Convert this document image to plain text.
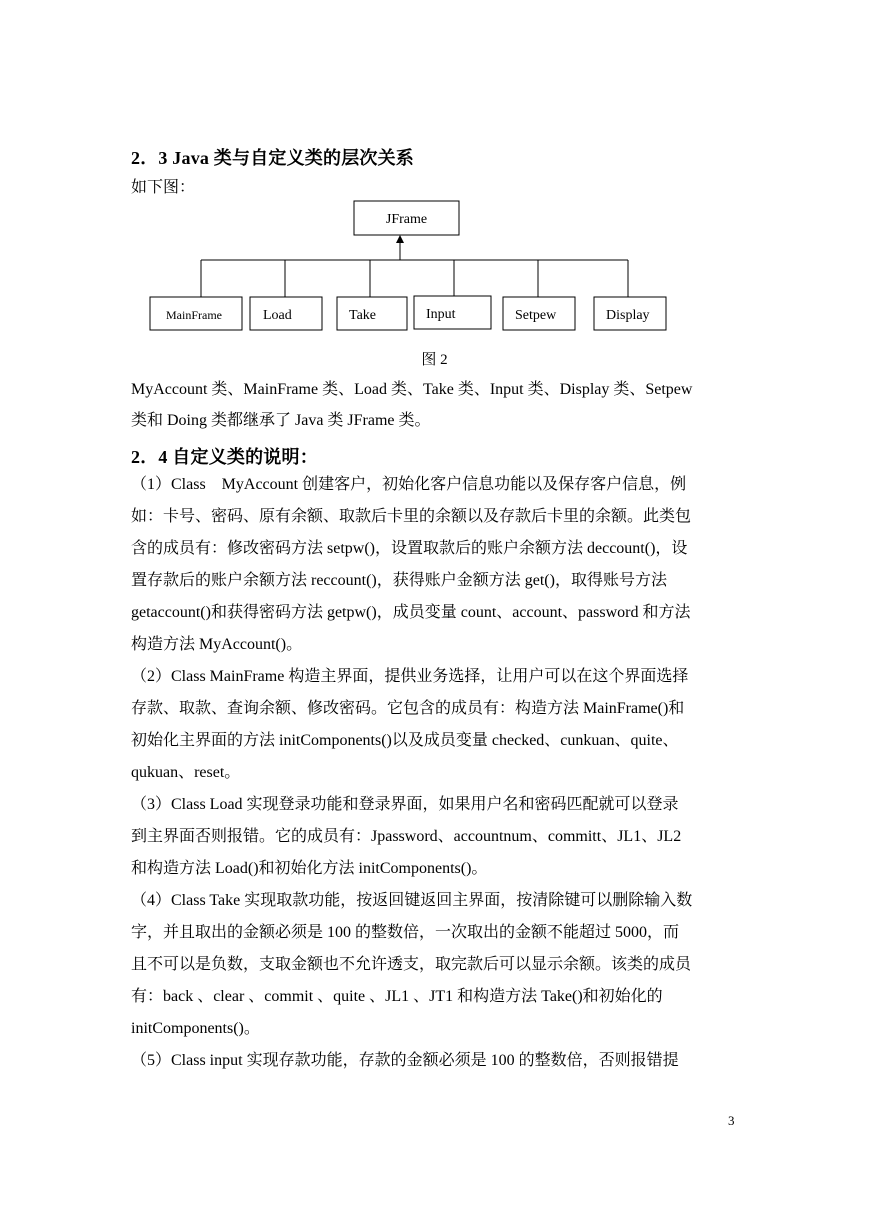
2．3 Java 类与自定义类的层次关系
如下图：
JFrame
MainFrame	Load	Take	Input	Setpew	Display
图 2
MyAccount 类、MainFrame 类、Load 类、Take 类、Input 类、Display 类、Setpew
类和 Doing 类都继承了 Java 类 JFrame 类。
2．4 自定义类的说明：
（1）Class　MyAccount 创建客户，初始化客户信息功能以及保存客户信息，例
如：卡号、密码、原有余额、取款后卡里的余额以及存款后卡里的余额。此类包
含的成员有：修改密码方法 setpw()，设置取款后的账户余额方法 deccount()，设
置存款后的账户余额方法 reccount()，获得账户金额方法 get()，取得账号方法
getaccount()和获得密码方法 getpw()，成员变量 count、account、password 和方法
构造方法 MyAccount()。
（2）Class MainFrame 构造主界面，提供业务选择，让用户可以在这个界面选择
存款、取款、查询余额、修改密码。它包含的成员有：构造方法 MainFrame()和
初始化主界面的方法 initComponents()以及成员变量 checked、cunkuan、quite、
qukuan、reset。
（3）Class Load 实现登录功能和登录界面，如果用户名和密码匹配就可以登录
到主界面否则报错。它的成员有：Jpassword、accountnum、committ、JL1、JL2
和构造方法 Load()和初始化方法 initComponents()。
（4）Class Take 实现取款功能，按返回键返回主界面，按清除键可以删除输入数
字，并且取出的金额必须是 100 的整数倍，一次取出的金额不能超过 5000，而
且不可以是负数，支取金额也不允许透支，取完款后可以显示余额。该类的成员
有：back 、clear 、commit 、quite 、JL1 、JT1 和构造方法 Take()和初始化的
initComponents()。
（5）Class input 实现存款功能，存款的金额必须是 100 的整数倍，否则报错提
3
